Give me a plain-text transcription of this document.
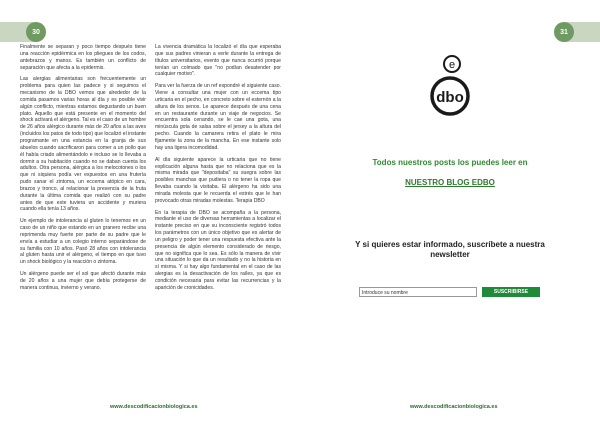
30

Finalmente se separan y poco tiempo después tiene una reacción epidérmica en los pliegues de los codos, antebrazos y manos. Es también un conflicto de separación que afecta a la epidermis.

Las alergias alimentarias son frecuentemente un problema para quien las padece y si seguimos el mecanismo de la DBO vemos que alrededor de la comida pasamos varias horas al día y es posible vivir algún conflicto, mientras estamos degustando un buen plato. Aquello que está presente en el momento del shock activará el alérgeno. Tal es el caso de un hombre de 26 años alérgico durante más de 20 años a las aves (incluidos los patos de todo tipo) que localizó el instante programante en una estancia en la granja de sus abuelos cuando sacrificaron para comer a un pollo que él había criado alimentándolo e incluso se lo llevaba a dormir a su habitación cuando no se daban cuenta los adultos. Otra persona, alérgica a los melocotones o los que ni siquiera podía ver expuestos en una frutería pudo sanar el zintoma, un eccema atópico en cara, brazos y tronco, al relacionar la presencia de la fruta durante la última comida que realizó con su padre antes de que este tuviera un accidente y muriera cuando ella tenía 13 años.

Un ejemplo de intolerancia al gluten lo tenemos en un caso de un niño que estando en un granero recibe una reprimenda muy fuerte por parte de su padre que le envía a estudiar a un colegio interno separándose de su familia con 10 años. Pasó 28 años con intolerancia al gluten hasta unir el alérgeno, el tiempo en que tuvo un shock biológico y la reacción o zintoma.

Un alérgeno puede ser el sol que afectó durante más de 20 años a una mujer que debía protegerse de manera continua, invierno y verano.

La vivencia dramática la localizó el día que esperaba que sus padres vinieran a verle durante la entrega de títulos universitarios, evento que nunca ocurrió porque tenían un colmado que "no podían desatender por cualquier motivo".

Para ver la fuerza de un ref expondré el siguiente caso. Viene a consultar una mujer con un eccema tipo urticaria en el pecho, en concreto sobre el esternón a la altura de los senos. Le aparece después de una cena en un restaurante durante un viaje de negocios. Se encuentra sola cenando, se le cae una gota, una minúscula gota de salsa sobre el jersey a la altura del pecho. Cuando la camarera retira el plato le mira fijamente la zona de la mancha. En ese instante solo hay una ligera incomodidad.

Al día siguiente aparece la urticaria que no tiene explicación alguna hasta que no relaciona que es la misma mirada que "depositaba" su suegra sobre las posibles manchas que pudiera o no tener la ropa que llevaba cuando la visitaba. El alérgeno ha sido una mirada molesta que le recuerda el estrés que le han provocado otras miradas molestas. Terapia DBO

En la terapia de DBO se acompaña a la persona, mediante el uso de diversas herramientas a localizar el instante preciso en que su inconsciente registró todos los parámetros con un único objetivo que es alertar de un peligro y poder tener una respuesta efectiva ante la presencia de algún elemento considerado de riesgo, que no significa que lo sea. Es sólo la manera de vivir una situación lo que da un resultado y no la historia en sí misma. Y si hay algo fundamental en el caso de las alergias es la desactivación de los raíles, ya que es condición necesaria para evitar las recurrencias y la aparición de cronicidades.

www.descodificacionbiologica.es
31
e
dbo
Todos nuestros posts los puedes leer en
NUESTRO BLOG EDBO
Y si quieres estar informado, suscríbete a nuestra newsletter
Introduce su nombre	SUSCRIBIRSE
www.descodificacionbiologica.es
